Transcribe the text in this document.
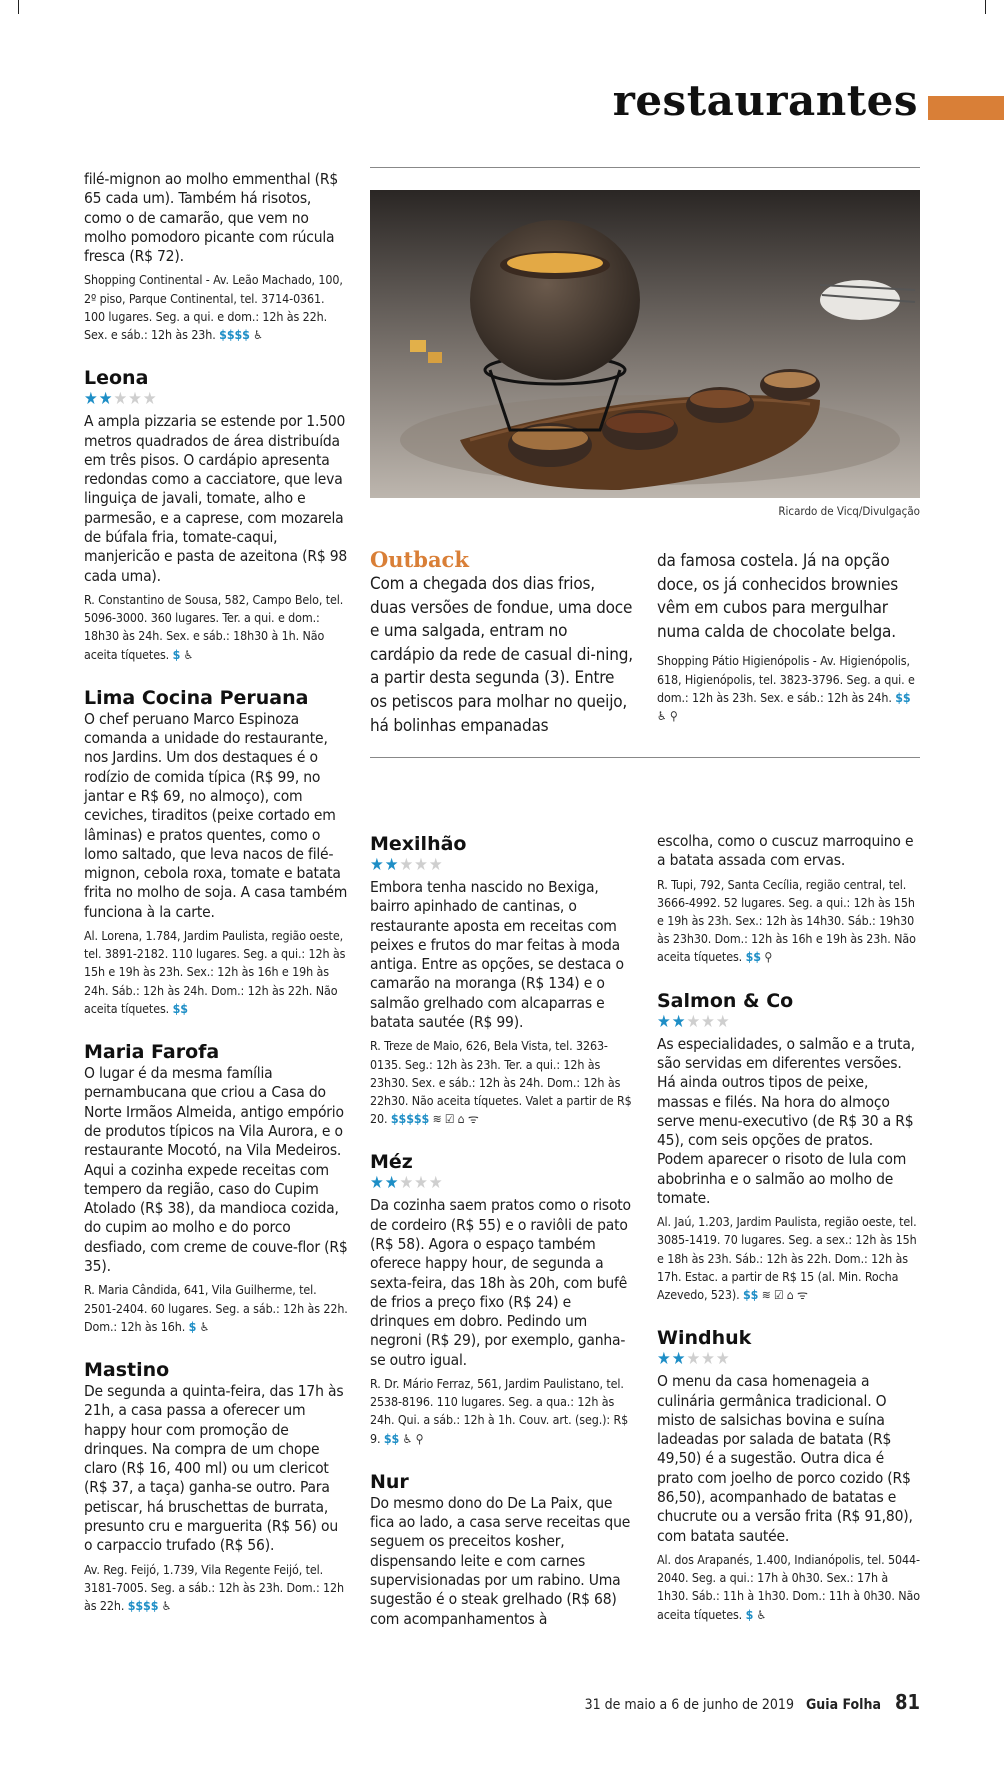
restaurantes

filé-mignon ao molho emmenthal (R$ 65 cada um). Também há risotos, como o de camarão, que vem no molho pomodoro picante com rúcula fresca (R$ 72).

Shopping Continental - Av. Leão Machado, 100, 2º piso, Parque Continental, tel. 3714-0361. 100 lugares. Seg. a qui. e dom.: 12h às 22h. Sex. e sáb.: 12h às 23h. $$$$ ♿

Leona
★★★★★

A ampla pizzaria se estende por 1.500 metros quadrados de área distribuída em três pisos. O cardápio apresenta redondas como a cacciatore, que leva linguiça de javali, tomate, alho e parmesão, e a caprese, com mozarela de búfala fria, tomate-caqui, manjericão e pasta de azeitona (R$ 98 cada uma).

R. Constantino de Sousa, 582, Campo Belo, tel. 5096-3000. 360 lugares. Ter. a qui. e dom.: 18h30 às 24h. Sex. e sáb.: 18h30 à 1h. Não aceita tíquetes. $ ♿

Lima Cocina Peruana

O chef peruano Marco Espinoza comanda a unidade do restaurante, nos Jardins. Um dos destaques é o rodízio de comida típica (R$ 99, no jantar e R$ 69, no almoço), com ceviches, tiraditos (peixe cortado em lâminas) e pratos quentes, como o lomo saltado, que leva nacos de filé-mignon, cebola roxa, tomate e batata frita no molho de soja. A casa também funciona à la carte.

Al. Lorena, 1.784, Jardim Paulista, região oeste, tel. 3891-2182. 110 lugares. Seg. a qui.: 12h às 15h e 19h às 23h. Sex.: 12h às 16h e 19h às 24h. Sáb.: 12h às 24h. Dom.: 12h às 22h. Não aceita tíquetes. $$

Maria Farofa

O lugar é da mesma família pernambucana que criou a Casa do Norte Irmãos Almeida, antigo empório de produtos típicos na Vila Aurora, e o restaurante Mocotó, na Vila Medeiros. Aqui a cozinha expede receitas com tempero da região, caso do Cupim Atolado (R$ 38), da mandioca cozida, do cupim ao molho e do porco desfiado, com creme de couve-flor (R$ 35).

R. Maria Cândida, 641, Vila Guilherme, tel. 2501-2404. 60 lugares. Seg. a sáb.: 12h às 22h. Dom.: 12h às 16h. $ ♿

Mastino

De segunda a quinta-feira, das 17h às 21h, a casa passa a oferecer um happy hour com promoção de drinques. Na compra de um chope claro (R$ 16, 400 ml) ou um clericot (R$ 37, a taça) ganha-se outro. Para petiscar, há bruschettas de burrata, presunto cru e marguerita (R$ 56) ou o carpaccio trufado (R$ 56).

Av. Reg. Feijó, 1.739, Vila Regente Feijó, tel. 3181-7005. Seg. a sáb.: 12h às 23h. Dom.: 12h às 22h. $$$$ ♿

Ricardo de Vicq/Divulgação
Outback

Com a chegada dos dias frios, duas versões de fondue, uma doce e uma salgada, entram no cardápio da rede de casual di-ning, a partir desta segunda (3). Entre os petiscos para molhar no queijo, há bolinhas empanadas

da famosa costela. Já na opção doce, os já conhecidos brownies vêm em cubos para mergulhar numa calda de chocolate belga.

Shopping Pátio Higienópolis - Av. Higienópolis, 618, Higienópolis, tel. 3823-3796. Seg. a qui. e dom.: 12h às 23h. Sex. e sáb.: 12h às 24h. $$ ♿ ⚲

Mexilhão
★★★★★

Embora tenha nascido no Bexiga, bairro apinhado de cantinas, o restaurante aposta em receitas com peixes e frutos do mar feitas à moda antiga. Entre as opções, se destaca o camarão na moranga (R$ 134) e o salmão grelhado com alcaparras e batata sautée (R$ 99).

R. Treze de Maio, 626, Bela Vista, tel. 3263-0135. Seg.: 12h às 23h. Ter. a qui.: 12h às 23h30. Sex. e sáb.: 12h às 24h. Dom.: 12h às 22h30. Não aceita tíquetes. Valet a partir de R$ 20. $$$$$ ≋ ☑ ⌂ ᯤ

Méz
★★★★★

Da cozinha saem pratos como o risoto de cordeiro (R$ 55) e o raviôli de pato (R$ 58). Agora o espaço também oferece happy hour, de segunda a sexta-feira, das 18h às 20h, com bufê de frios a preço fixo (R$ 24) e drinques em dobro. Pedindo um negroni (R$ 29), por exemplo, ganha-se outro igual.

R. Dr. Mário Ferraz, 561, Jardim Paulistano, tel. 2538-8196. 110 lugares. Seg. a qua.: 12h às 24h. Qui. a sáb.: 12h à 1h. Couv. art. (seg.): R$ 9. $$ ♿ ⚲

Nur

Do mesmo dono do De La Paix, que fica ao lado, a casa serve receitas que seguem os preceitos kosher, dispensando leite e com carnes supervisionadas por um rabino. Uma sugestão é o steak grelhado (R$ 68) com acompanhamentos à

escolha, como o cuscuz marroquino e a batata assada com ervas.

R. Tupi, 792, Santa Cecília, região central, tel. 3666-4992. 52 lugares. Seg. a qui.: 12h às 15h e 19h às 23h. Sex.: 12h às 14h30. Sáb.: 19h30 às 23h30. Dom.: 12h às 16h e 19h às 23h. Não aceita tíquetes. $$ ⚲

Salmon & Co
★★★★★

As especialidades, o salmão e a truta, são servidas em diferentes versões. Há ainda outros tipos de peixe, massas e filés. Na hora do almoço serve menu-executivo (de R$ 30 a R$ 45), com seis opções de pratos. Podem aparecer o risoto de lula com abobrinha e o salmão ao molho de tomate.

Al. Jaú, 1.203, Jardim Paulista, região oeste, tel. 3085-1419. 70 lugares. Seg. a sex.: 12h às 15h e 18h às 23h. Sáb.: 12h às 22h. Dom.: 12h às 17h. Estac. a partir de R$ 15 (al. Min. Rocha Azevedo, 523). $$ ≋ ☑ ⌂ ᯤ

Windhuk
★★★★★

O menu da casa homenageia a culinária germânica tradicional. O misto de salsichas bovina e suína ladeadas por salada de batata (R$ 49,50) é a sugestão. Outra dica é prato com joelho de porco cozido (R$ 86,50), acompanhado de batatas e chucrute ou a versão frita (R$ 91,80), com batata sautée.

Al. dos Arapanés, 1.400, Indianópolis, tel. 5044-2040. Seg. a qui.: 17h à 0h30. Sex.: 17h à 1h30. Sáb.: 11h à 1h30. Dom.: 11h à 0h30. Não aceita tíquetes. $ ♿

31 de maio a 6 de junho de 2019 Guia Folha 81
